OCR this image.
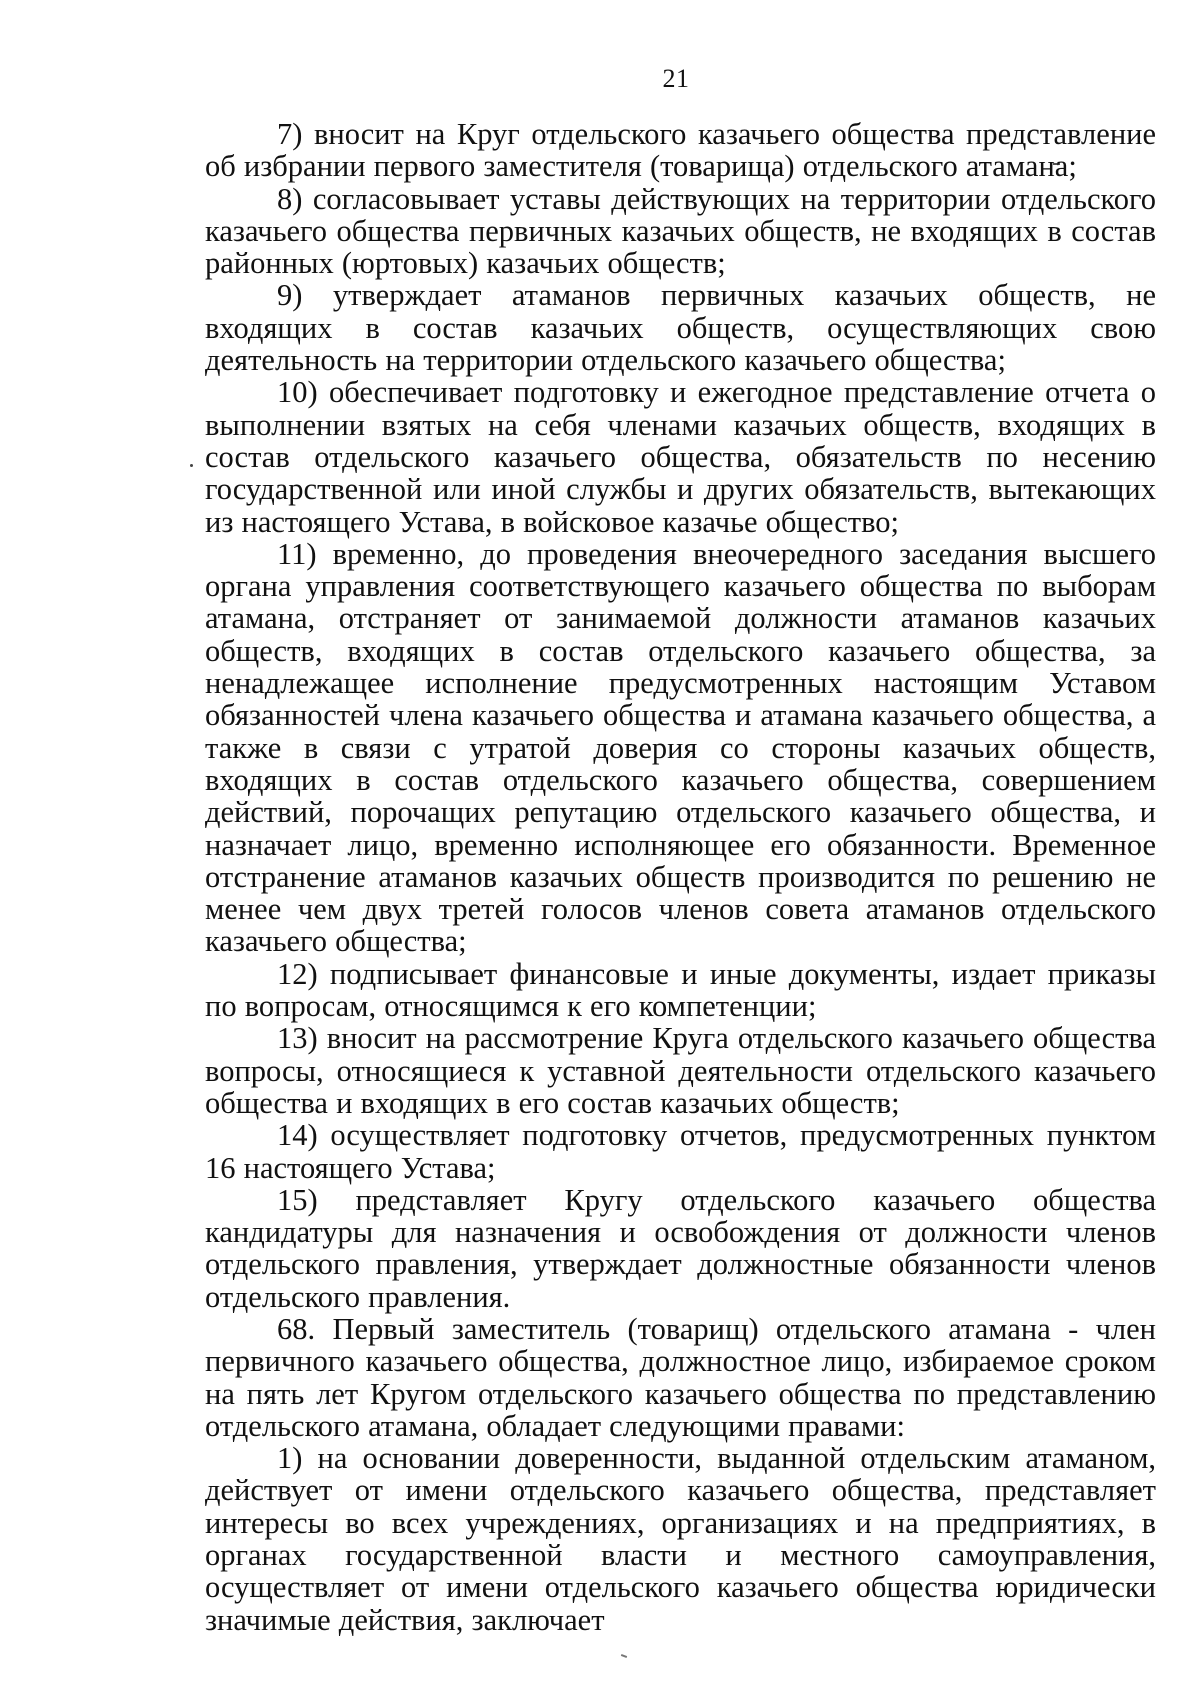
21

7) вносит на Круг отдельского казачьего общества представление об избрании первого заместителя (товарища) отдельского атамана;

8) согласовывает уставы действующих на территории отдельского казачьего общества первичных казачьих обществ, не входящих в состав районных (юртовых) казачьих обществ;

9) утверждает атаманов первичных казачьих обществ, не входящих в состав казачьих обществ, осуществляющих свою деятельность на территории отдельского казачьего общества;

10) обеспечивает подготовку и ежегодное представление отчета о выполнении взятых на себя членами казачьих обществ, входящих в состав отдельского казачьего общества, обязательств по несению государственной или иной службы и других обязательств, вытекающих из настоящего Устава, в войсковое казачье общество;

11) временно, до проведения внеочередного заседания высшего органа управления соответствующего казачьего общества по выборам атамана, отстраняет от занимаемой должности атаманов казачьих обществ, входящих в состав отдельского казачьего общества, за ненадлежащее исполнение предусмотренных настоящим Уставом обязанностей члена казачьего общества и атамана казачьего общества, а также в связи с утратой доверия со стороны казачьих обществ, входящих в состав отдельского казачьего общества, совершением действий, порочащих репутацию отдельского казачьего общества, и назначает лицо, временно исполняющее его обязанности. Временное отстранение атаманов казачьих обществ производится по решению не менее чем двух третей голосов членов совета атаманов отдельского казачьего общества;

12) подписывает финансовые и иные документы, издает приказы по вопросам, относящимся к его компетенции;

13) вносит на рассмотрение Круга отдельского казачьего общества вопросы, относящиеся к уставной деятельности отдельского казачьего общества и входящих в его состав казачьих обществ;

14) осуществляет подготовку отчетов, предусмотренных пунктом 16 настоящего Устава;

15) представляет Кругу отдельского казачьего общества кандидатуры для назначения и освобождения от должности членов отдельского правления, утверждает должностные обязанности членов отдельского правления.

68. Первый заместитель (товарищ) отдельского атамана - член первичного казачьего общества, должностное лицо, избираемое сроком на пять лет Кругом отдельского казачьего общества по представлению отдельского атамана, обладает следующими правами:

1) на основании доверенности, выданной отдельским атаманом, действует от имени отдельского казачьего общества, представляет интересы во всех учреждениях, организациях и на предприятиях, в органах государственной власти и местного самоуправления, осуществляет от имени отдельского казачьего общества юридически значимые действия, заключает
